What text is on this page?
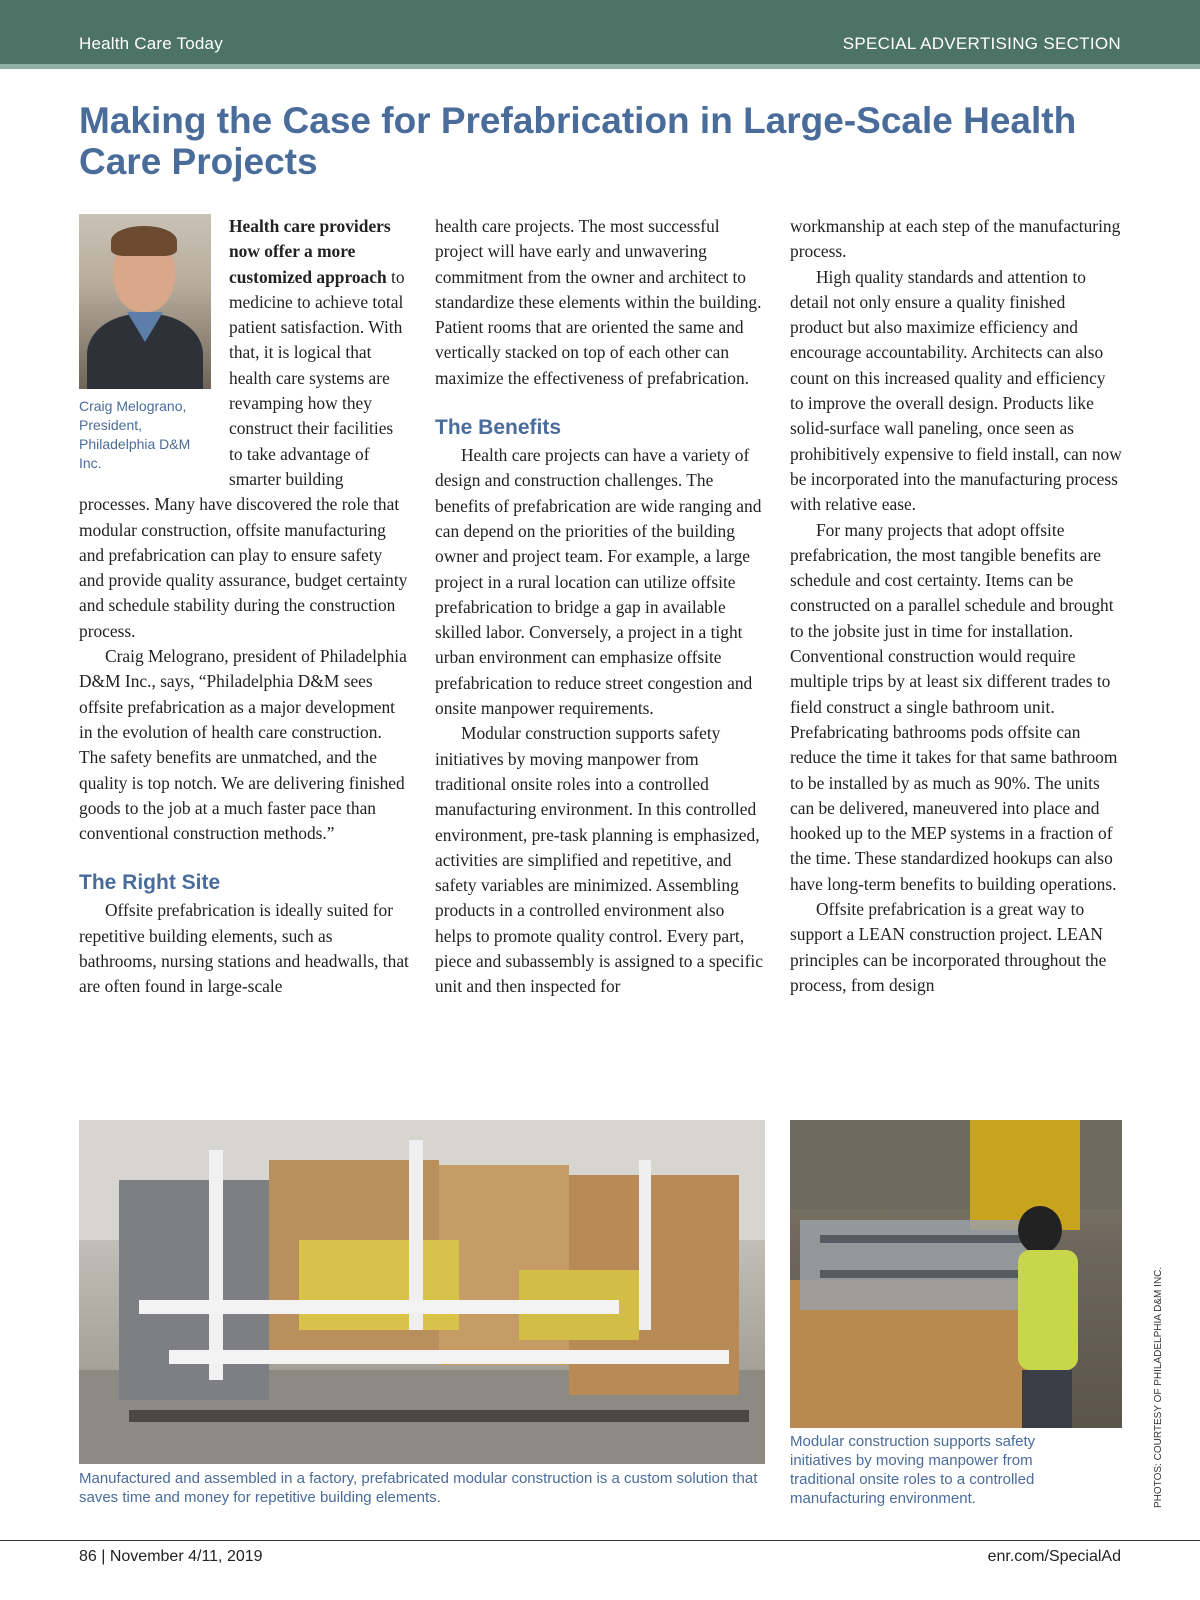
Health Care Today	SPECIAL ADVERTISING SECTION
Making the Case for Prefabrication in Large-Scale Health Care Projects
Craig Melograno, President, Philadelphia D&M Inc.

Health care providers now offer a more customized approach to medicine to achieve total patient satisfaction. With that, it is logical that health care systems are revamping how they construct their facilities to take advantage of smarter building processes. Many have discovered the role that modular construction, offsite manufacturing and prefabrication can play to ensure safety and provide quality assurance, budget certainty and schedule stability during the construction process.

Craig Melograno, president of Philadelphia D&M Inc., says, “Philadelphia D&M sees offsite prefabrication as a major development in the evolution of health care construction. The safety benefits are unmatched, and the quality is top notch. We are delivering finished goods to the job at a much faster pace than conventional construction methods.”

The Right Site

Offsite prefabrication is ideally suited for repetitive building elements, such as bathrooms, nursing stations and headwalls, that are often found in large-scale

health care projects. The most successful project will have early and unwavering commitment from the owner and architect to standardize these elements within the building. Patient rooms that are oriented the same and vertically stacked on top of each other can maximize the effectiveness of prefabrication.

The Benefits

Health care projects can have a variety of design and construction challenges. The benefits of prefabrication are wide ranging and can depend on the priorities of the building owner and project team. For example, a large project in a rural location can utilize offsite prefabrication to bridge a gap in available skilled labor. Conversely, a project in a tight urban environment can emphasize offsite prefabrication to reduce street congestion and onsite manpower requirements.

Modular construction supports safety initiatives by moving manpower from traditional onsite roles into a controlled manufacturing environment. In this controlled environment, pre-task planning is emphasized, activities are simplified and repetitive, and safety variables are minimized. Assembling products in a controlled environment also helps to promote quality control. Every part, piece and subassembly is assigned to a specific unit and then inspected for

workmanship at each step of the manufacturing process.

High quality standards and attention to detail not only ensure a quality finished product but also maximize efficiency and encourage accountability. Architects can also count on this increased quality and efficiency to improve the overall design. Products like solid-surface wall paneling, once seen as prohibitively expensive to field install, can now be incorporated into the manufacturing process with relative ease.

For many projects that adopt offsite prefabrication, the most tangible benefits are schedule and cost certainty. Items can be constructed on a parallel schedule and brought to the jobsite just in time for installation. Conventional construction would require multiple trips by at least six different trades to field construct a single bathroom unit. Prefabricating bathrooms pods offsite can reduce the time it takes for that same bathroom to be installed by as much as 90%. The units can be delivered, maneuvered into place and hooked up to the MEP systems in a fraction of the time. These standardized hookups can also have long-term benefits to building operations.

Offsite prefabrication is a great way to support a LEAN construction project. LEAN principles can be incorporated throughout the process, from design

Manufactured and assembled in a factory, prefabricated modular construction is a custom solution that saves time and money for repetitive building elements.
Modular construction supports safety initiatives by moving manpower from traditional onsite roles to a controlled manufacturing environment.	PHOTOS: COURTESY OF PHILADELPHIA D&M INC.
86 | November 4/11, 2019	enr.com/SpecialAd
